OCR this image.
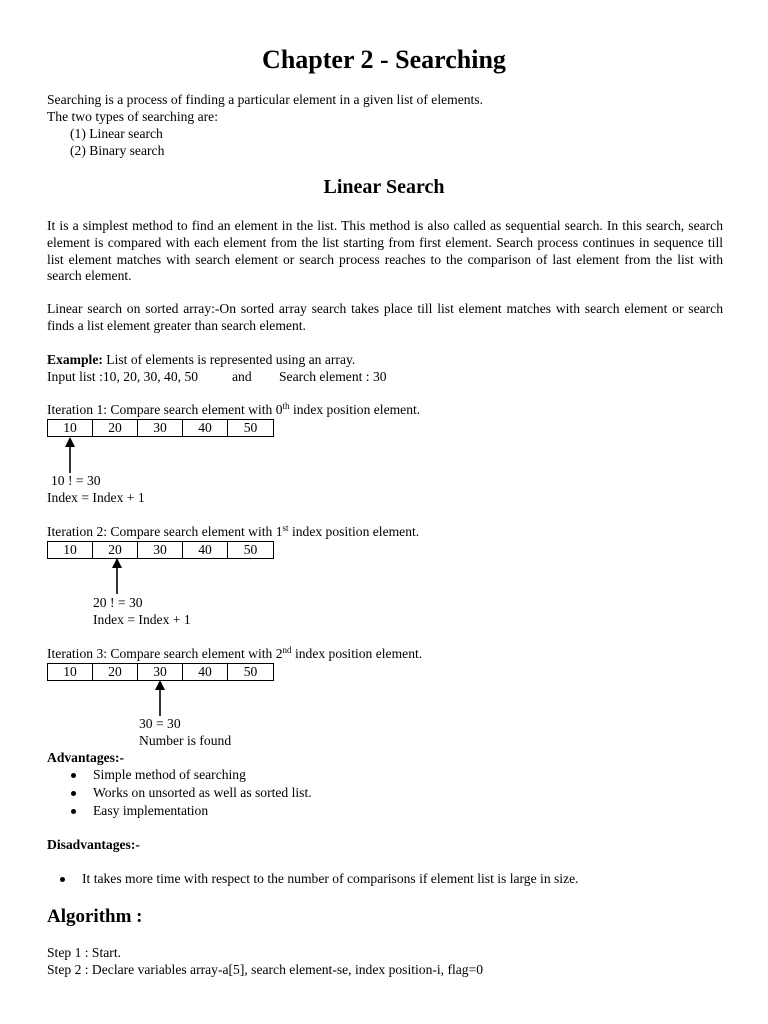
Chapter 2 - Searching
Searching is a process of finding a particular element in a given list of elements.
The two types of searching are:
(1) Linear search
(2) Binary search
Linear Search

It is a simplest method to find an element in the list. This method is also called as sequential search. In this search, search element is compared with each element from the list starting from first element. Search process continues in sequence till list element matches with search element or search process reaches to the comparison of last element from the list with search element.

Linear search on sorted array:-On sorted array search takes place till list element matches with search element or search finds a list element greater than search element.

Example: List of elements is represented using an array.
Input list :10, 20, 30, 40, 50 and Search element : 30
Iteration 1: Compare search element with 0th index position element.
10	20	30	40	50
10 ! = 30
Index = Index + 1
Iteration 2: Compare search element with 1st index position element.
10	20	30	40	50
20 ! = 30
Index = Index + 1
Iteration 3: Compare search element with 2nd index position element.
10	20	30	40	50
30 = 30
Number is found
Advantages:-
Simple method of searching
Works on unsorted as well as sorted list.
Easy implementation
Disadvantages:-
It takes more time with respect to the number of comparisons if element list is large in size.
Algorithm :
Step 1 : Start.
Step 2 : Declare variables array-a[5], search element-se, index position-i, flag=0
